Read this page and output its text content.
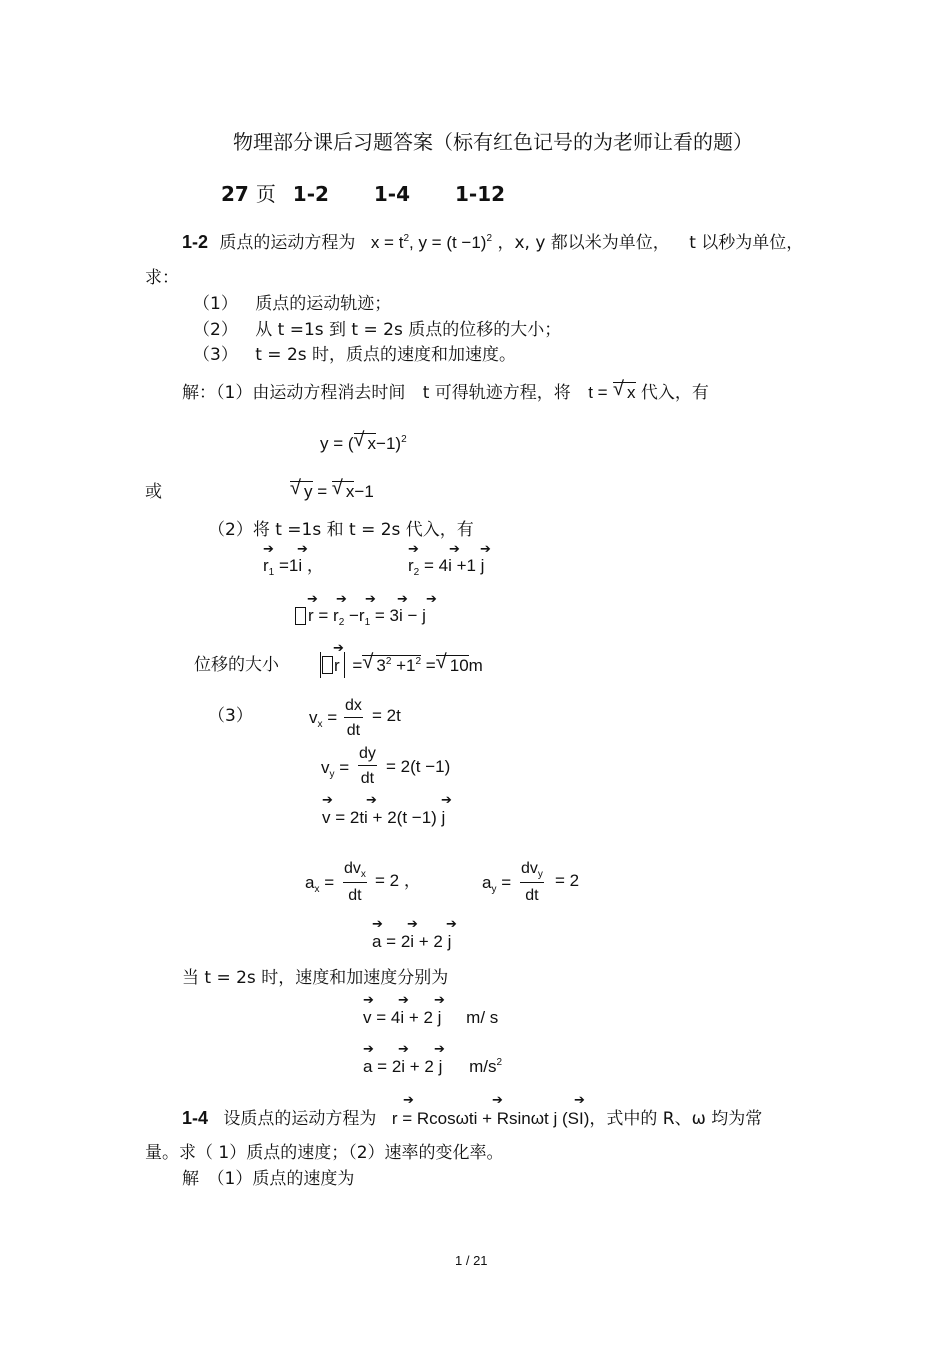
物理部分课后习题答案（标有红色记号的为老师让看的题）
27 页 1-2 1-4 1-12
1-2 质点的运动方程为 $x = t^2$, $y = (t -1)^2$ ，x, y 都以米为单位， t 以秒为单位，
求：
（1） 质点的运动轨迹；
（2） 从 t =1s 到 t = 2s 质点的位移的大小；
（3） t = 2s 时，质点的速度和加速度。
解：（1）由运动方程消去时间 t 可得轨迹方程，将 t = √ x 代入，有
y = ( √ x−1)$^2$
或	√ y = √ x−1
（2）将 t =1s 和 t = 2s 代入，有
➔ ➔
$r_1 =1i$ ，
➔ ➔ ➔
$r_2 = 4i +1$ j
➔ ➔ ➔ ➔ ➔
$r = r_2 -r_1 = 3i - j$
位移的大小
➔
r = √ $3^2 +1^2$ = √ 10m
（3）	$v_x = \frac{dx}{dt} = 2t$
$v_y = \frac{dy}{dt} = 2(t -1)$
➔	➔	➔
v = 2ti + 2(t −1) j
$a_x$ =
$dv_x$
dt
= 2 ，	$a_y$ =
$dv_y$
dt
= 2
➔ ➔ ➔
a = 2i + 2 j
当 t = 2s 时，速度和加速度分别为
➔ ➔ ➔
v = 4i + 2 j m/ s
➔ ➔ ➔
a = 2i + 2 j $m/s^2$
➔	➔	➔
1-4 设质点的运动方程为 r = Rcosωti + Rsinωt j (SI)，式中的 R、ω 均为常
量。求（ 1）质点的速度；（2）速率的变化率。
解　（1）质点的速度为
1 / 21
